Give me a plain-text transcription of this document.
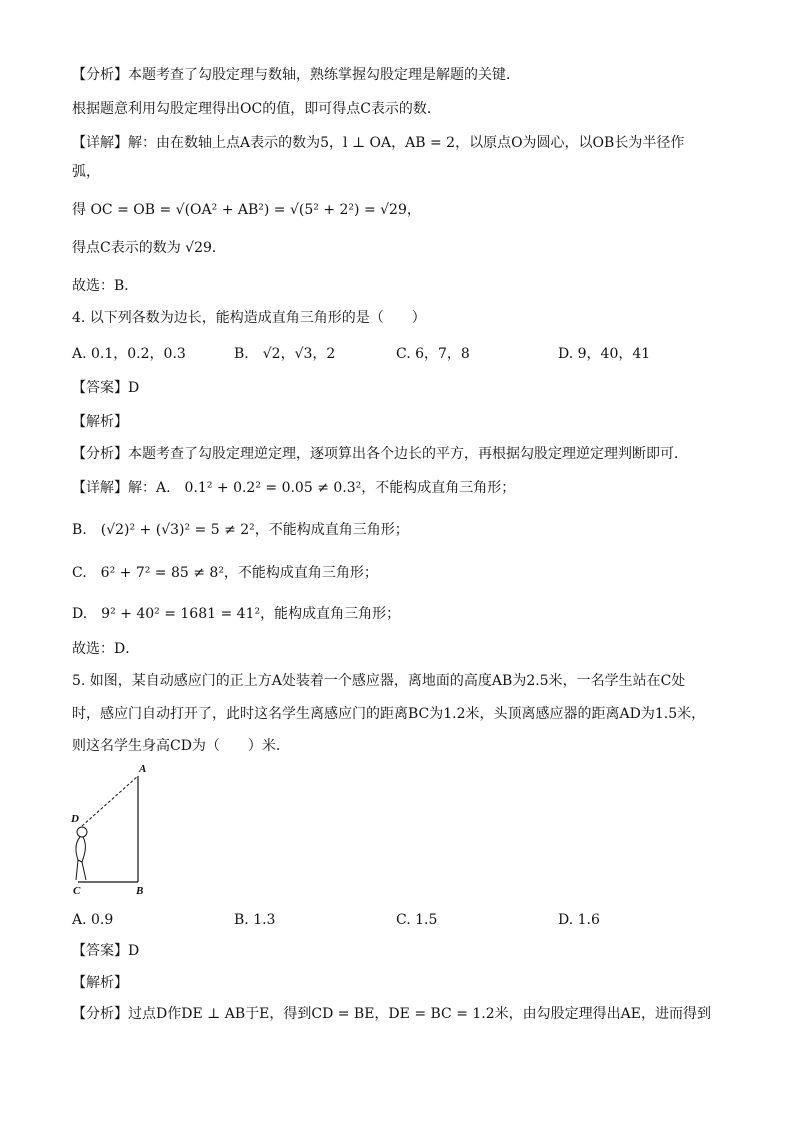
【分析】本题考查了勾股定理与数轴，熟练掌握勾股定理是解题的关键．
根据题意利用勾股定理得出OC的值，即可得点C表示的数．
【详解】解：由在数轴上点A表示的数为5，l ⊥ OA，AB = 2，以原点O为圆心，以OB长为半径作
弧，
得 OC = OB = √(OA² + AB²) = √(5² + 2²) = √29，
得点C表示的数为 √29．
故选：B．
4. 以下列各数为边长，能构造成直角三角形的是（　　）
A. 0.1，0.2，0.3	B.　√2，√3，2	C. 6，7，8	D. 9，40，41
【答案】D
【解析】
【分析】本题考查了勾股定理逆定理，逐项算出各个边长的平方，再根据勾股定理逆定理判断即可．
【详解】解：A.　0.1² + 0.2² = 0.05 ≠ 0.3²，不能构成直角三角形；
B.　(√2)² + (√3)² = 5 ≠ 2²，不能构成直角三角形；
C.　6² + 7² = 85 ≠ 8²，不能构成直角三角形；
D.　9² + 40² = 1681 = 41²，能构成直角三角形；
故选：D．
5. 如图，某自动感应门的正上方A处装着一个感应器，离地面的高度AB为2.5米，一名学生站在C处
时，感应门自动打开了，此时这名学生离感应门的距离BC为1.2米，头顶离感应器的距离AD为1.5米，
则这名学生身高CD为（　　）米．
A
B
C
D
A. 0.9	B. 1.3	C. 1.5	D. 1.6
【答案】D
【解析】
【分析】过点D作DE ⊥ AB于E，得到CD = BE，DE = BC = 1.2米，由勾股定理得出AE，进而得到
